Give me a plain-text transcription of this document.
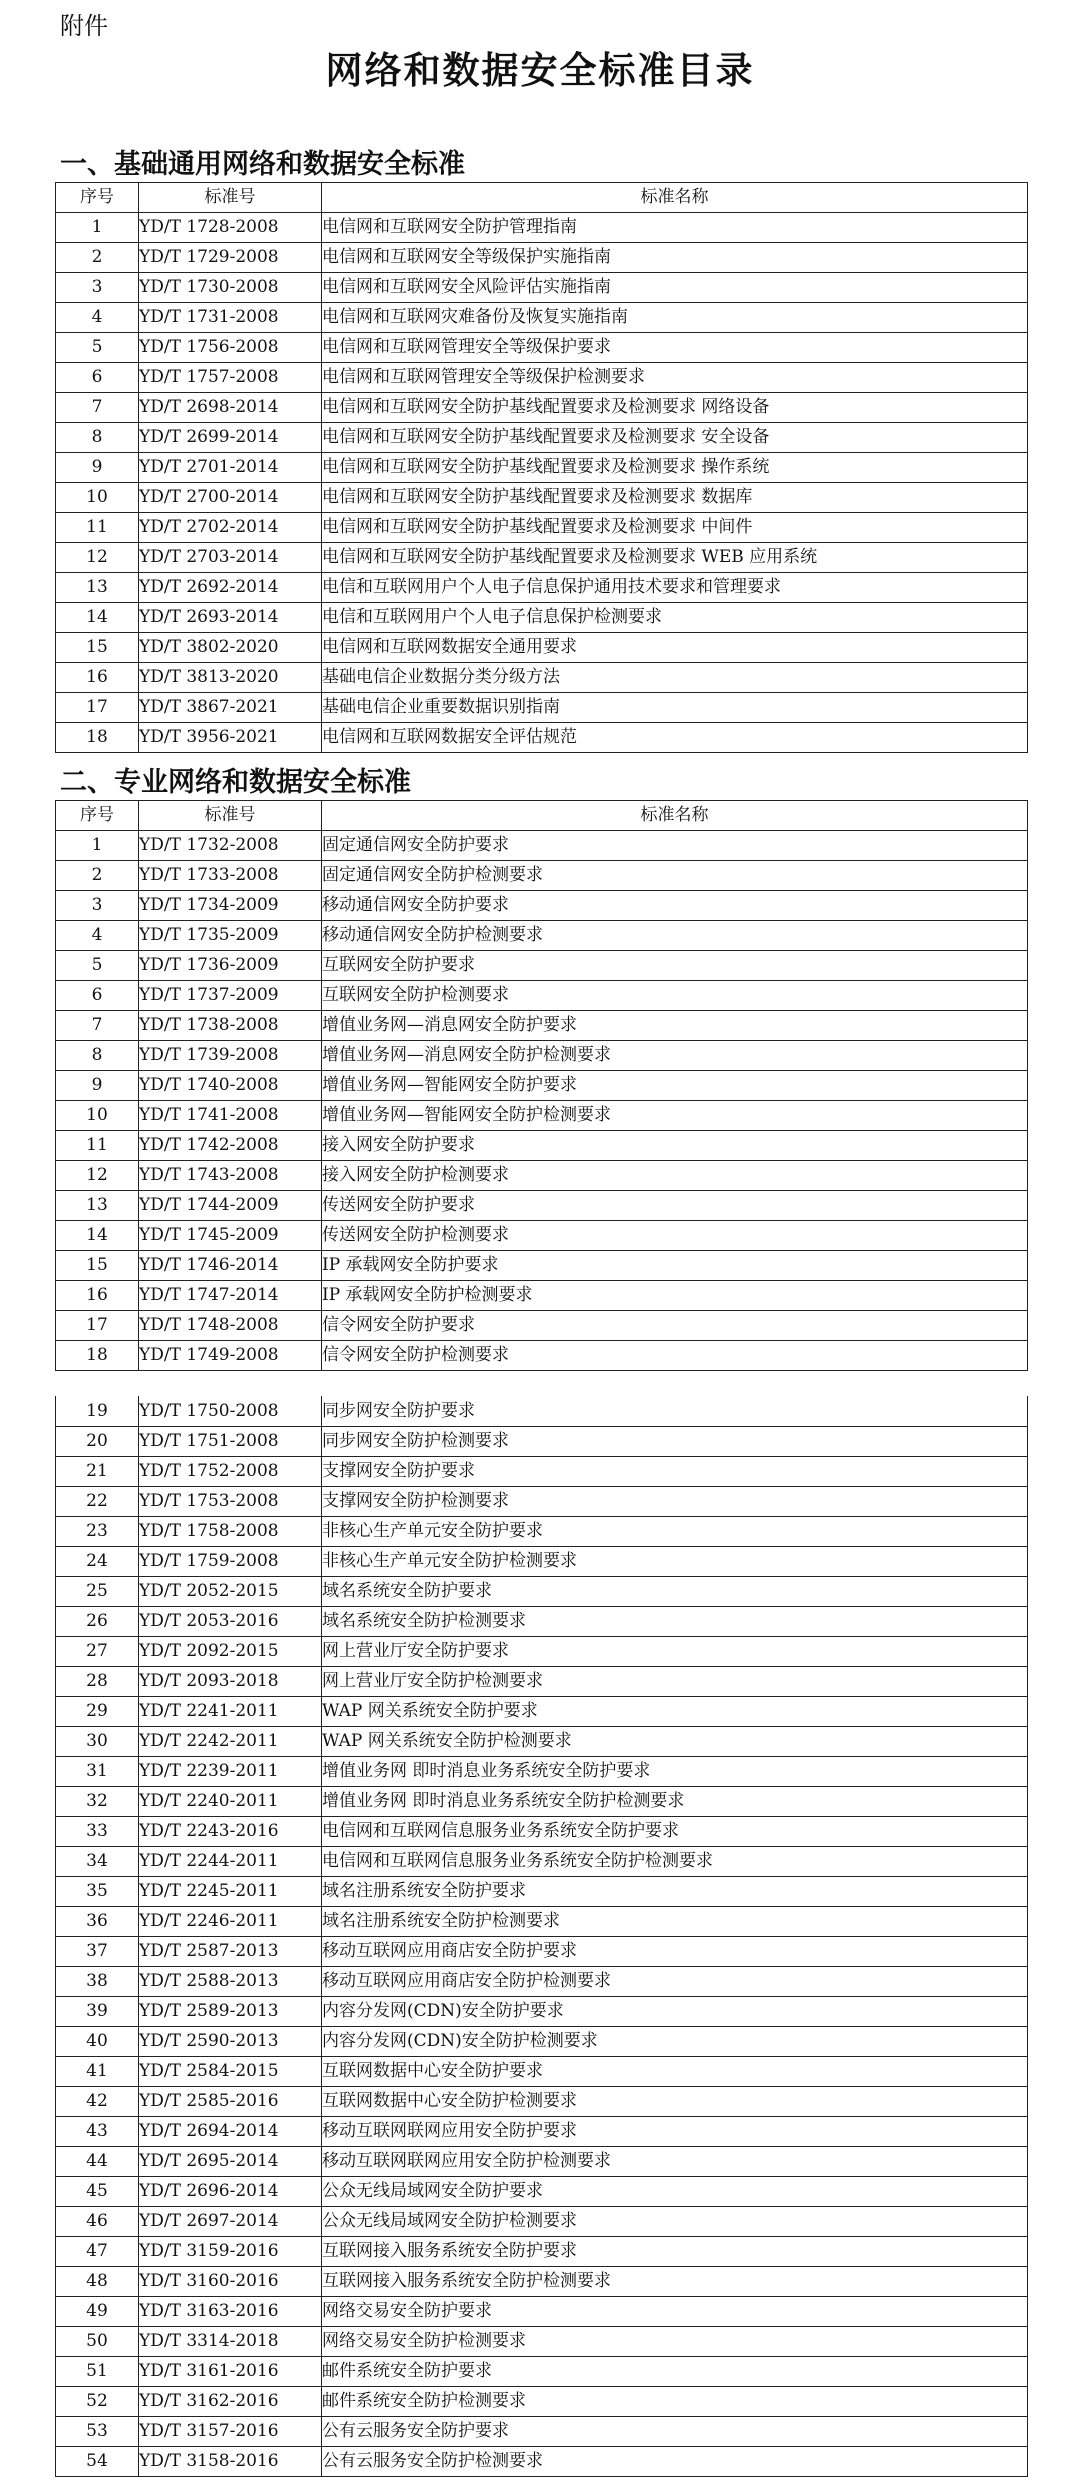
附件
网络和数据安全标准目录
一、基础通用网络和数据安全标准
序号	标准号	标准名称
1	YD/T 1728-2008	电信网和互联网安全防护管理指南
2	YD/T 1729-2008	电信网和互联网安全等级保护实施指南
3	YD/T 1730-2008	电信网和互联网安全风险评估实施指南
4	YD/T 1731-2008	电信网和互联网灾难备份及恢复实施指南
5	YD/T 1756-2008	电信网和互联网管理安全等级保护要求
6	YD/T 1757-2008	电信网和互联网管理安全等级保护检测要求
7	YD/T 2698-2014	电信网和互联网安全防护基线配置要求及检测要求 网络设备
8	YD/T 2699-2014	电信网和互联网安全防护基线配置要求及检测要求 安全设备
9	YD/T 2701-2014	电信网和互联网安全防护基线配置要求及检测要求 操作系统
10	YD/T 2700-2014	电信网和互联网安全防护基线配置要求及检测要求 数据库
11	YD/T 2702-2014	电信网和互联网安全防护基线配置要求及检测要求 中间件
12	YD/T 2703-2014	电信网和互联网安全防护基线配置要求及检测要求 WEB 应用系统
13	YD/T 2692-2014	电信和互联网用户个人电子信息保护通用技术要求和管理要求
14	YD/T 2693-2014	电信和互联网用户个人电子信息保护检测要求
15	YD/T 3802-2020	电信网和互联网数据安全通用要求
16	YD/T 3813-2020	基础电信企业数据分类分级方法
17	YD/T 3867-2021	基础电信企业重要数据识别指南
18	YD/T 3956-2021	电信网和互联网数据安全评估规范
二、专业网络和数据安全标准
序号	标准号	标准名称
1	YD/T 1732-2008	固定通信网安全防护要求
2	YD/T 1733-2008	固定通信网安全防护检测要求
3	YD/T 1734-2009	移动通信网安全防护要求
4	YD/T 1735-2009	移动通信网安全防护检测要求
5	YD/T 1736-2009	互联网安全防护要求
6	YD/T 1737-2009	互联网安全防护检测要求
7	YD/T 1738-2008	增值业务网—消息网安全防护要求
8	YD/T 1739-2008	增值业务网—消息网安全防护检测要求
9	YD/T 1740-2008	增值业务网—智能网安全防护要求
10	YD/T 1741-2008	增值业务网—智能网安全防护检测要求
11	YD/T 1742-2008	接入网安全防护要求
12	YD/T 1743-2008	接入网安全防护检测要求
13	YD/T 1744-2009	传送网安全防护要求
14	YD/T 1745-2009	传送网安全防护检测要求
15	YD/T 1746-2014	IP 承载网安全防护要求
16	YD/T 1747-2014	IP 承载网安全防护检测要求
17	YD/T 1748-2008	信令网安全防护要求
18	YD/T 1749-2008	信令网安全防护检测要求
19	YD/T 1750-2008	同步网安全防护要求
20	YD/T 1751-2008	同步网安全防护检测要求
21	YD/T 1752-2008	支撑网安全防护要求
22	YD/T 1753-2008	支撑网安全防护检测要求
23	YD/T 1758-2008	非核心生产单元安全防护要求
24	YD/T 1759-2008	非核心生产单元安全防护检测要求
25	YD/T 2052-2015	域名系统安全防护要求
26	YD/T 2053-2016	域名系统安全防护检测要求
27	YD/T 2092-2015	网上营业厅安全防护要求
28	YD/T 2093-2018	网上营业厅安全防护检测要求
29	YD/T 2241-2011	WAP 网关系统安全防护要求
30	YD/T 2242-2011	WAP 网关系统安全防护检测要求
31	YD/T 2239-2011	增值业务网 即时消息业务系统安全防护要求
32	YD/T 2240-2011	增值业务网 即时消息业务系统安全防护检测要求
33	YD/T 2243-2016	电信网和互联网信息服务业务系统安全防护要求
34	YD/T 2244-2011	电信网和互联网信息服务业务系统安全防护检测要求
35	YD/T 2245-2011	域名注册系统安全防护要求
36	YD/T 2246-2011	域名注册系统安全防护检测要求
37	YD/T 2587-2013	移动互联网应用商店安全防护要求
38	YD/T 2588-2013	移动互联网应用商店安全防护检测要求
39	YD/T 2589-2013	内容分发网(CDN)安全防护要求
40	YD/T 2590-2013	内容分发网(CDN)安全防护检测要求
41	YD/T 2584-2015	互联网数据中心安全防护要求
42	YD/T 2585-2016	互联网数据中心安全防护检测要求
43	YD/T 2694-2014	移动互联网联网应用安全防护要求
44	YD/T 2695-2014	移动互联网联网应用安全防护检测要求
45	YD/T 2696-2014	公众无线局域网安全防护要求
46	YD/T 2697-2014	公众无线局域网安全防护检测要求
47	YD/T 3159-2016	互联网接入服务系统安全防护要求
48	YD/T 3160-2016	互联网接入服务系统安全防护检测要求
49	YD/T 3163-2016	网络交易安全防护要求
50	YD/T 3314-2018	网络交易安全防护检测要求
51	YD/T 3161-2016	邮件系统安全防护要求
52	YD/T 3162-2016	邮件系统安全防护检测要求
53	YD/T 3157-2016	公有云服务安全防护要求
54	YD/T 3158-2016	公有云服务安全防护检测要求
